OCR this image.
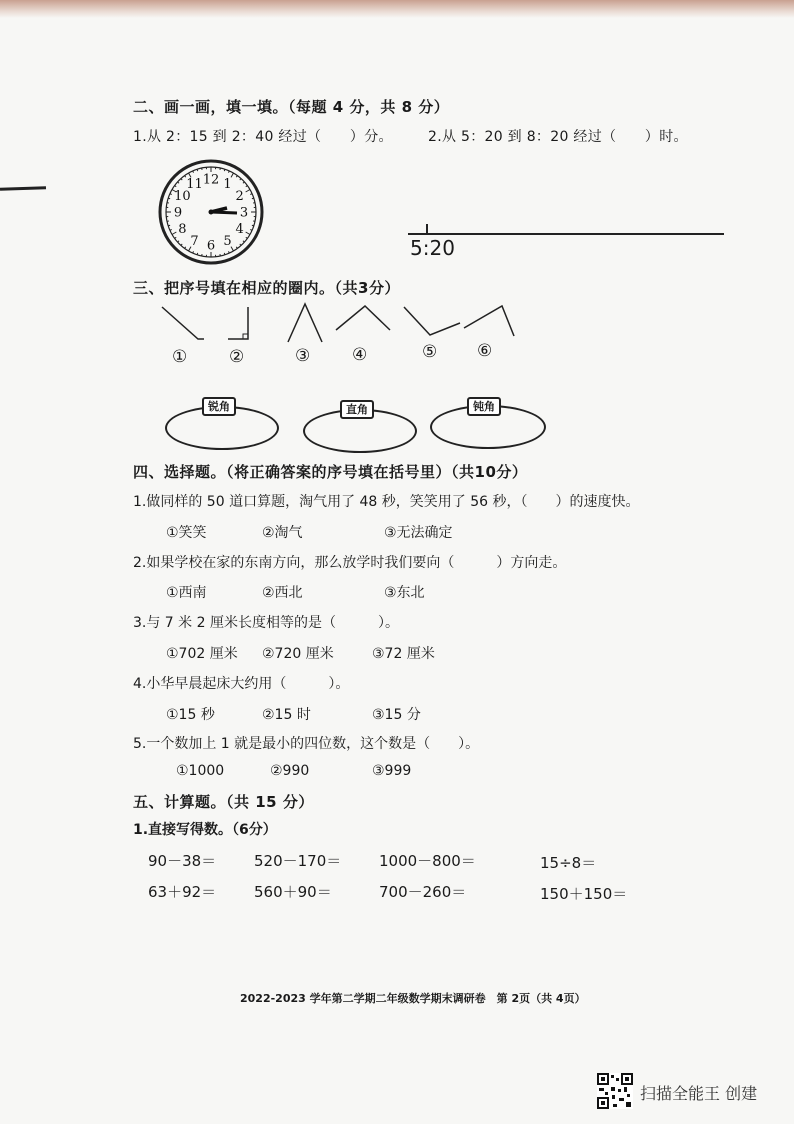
二、画一画，填一填。（每题 4 分，共 8 分）
1.从 2：15 到 2：40 经过（　　）分。	2.从 5：20 到 8：20 经过（　　）时。
12 1
2
3
4
5
6
7
8
9
10
11
5:20
三、把序号填在相应的圈内。（共3分）
① ②	③ ④	⑤ ⑥
锐角	直角	钝角
四、选择题。（将正确答案的序号填在括号里）（共10分）
1.做同样的 50 道口算题，淘气用了 48 秒，笑笑用了 56 秒，（　　）的速度快。
①笑笑	②淘气	③无法确定
2.如果学校在家的东南方向，那么放学时我们要向（　　　）方向走。
①西南	②西北	③东北
3.与 7 米 2 厘米长度相等的是（　　　）。
①702 厘米 ②720 厘米	③72 厘米
4.小华早晨起床大约用（　　　）。
①15 秒	②15 时	③15 分
5.一个数加上 1 就是最小的四位数，这个数是（　　）。
①1000	②990	③999
五、计算题。（共 15 分）
1.直接写得数。（6分）
90－38＝	520－170＝	1000－800＝	15÷8＝
63＋92＝	560＋90＝	700－260＝	150＋150＝
2022-2023 学年第二学期二年级数学期末调研卷　第 2页（共 4页）
扫描全能王 创建
